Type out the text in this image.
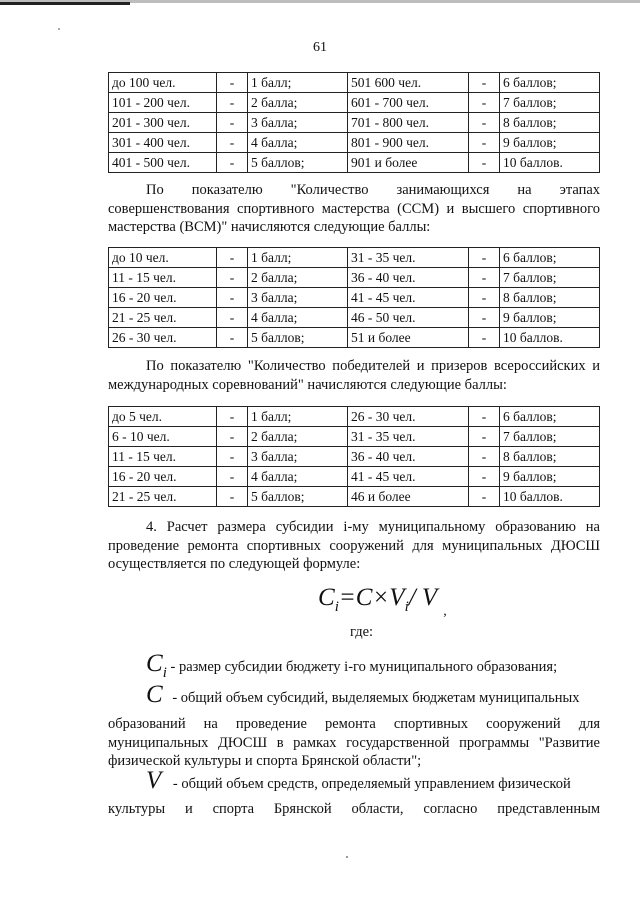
61
до 100 чел.	-	1 балл;	501 600 чел.	-	6 баллов;
101 - 200 чел.	-	2 балла;	601 - 700 чел.	-	7 баллов;
201 - 300 чел.	-	3 балла;	701 - 800 чел.	-	8 баллов;
301 - 400 чел.	-	4 балла;	801 - 900 чел.	-	9 баллов;
401 - 500 чел.	-	5 баллов;	901 и более	-	10 баллов.
По показателю "Количество занимающихся на этапах
совершенствования спортивного мастерства (ССМ) и высшего спортивного
мастерства (ВСМ)" начисляются следующие баллы:
до 10 чел.	-	1 балл;	31 - 35 чел.	-	6 баллов;
11 - 15 чел.	-	2 балла;	36 - 40 чел.	-	7 баллов;
16 - 20 чел.	-	3 балла;	41 - 45 чел.	-	8 баллов;
21 - 25 чел.	-	4 балла;	46 - 50 чел.	-	9 баллов;
26 - 30 чел.	-	5 баллов;	51 и более	-	10 баллов.
По показателю "Количество победителей и призеров всероссийских и
международных соревнований" начисляются следующие баллы:
до 5 чел.	-	1 балл;	26 - 30 чел.	-	6 баллов;
6 - 10 чел.	-	2 балла;	31 - 35 чел.	-	7 баллов;
11 - 15 чел.	-	3 балла;	36 - 40 чел.	-	8 баллов;
16 - 20 чел.	-	4 балла;	41 - 45 чел.	-	9 баллов;
21 - 25 чел.	-	5 баллов;	46 и более	-	10 баллов.
4. Расчет размера субсидии i-му муниципальному образованию на
проведение ремонта спортивных сооружений для муниципальных ДЮСШ
осуществляется по следующей формуле:
$C_i=C\times V_i/$ $V_,$
где:
$C_i$ - размер субсидии бюджету i-го муниципального образования;
C - общий объем субсидий, выделяемых бюджетам муниципальных
образований на проведение ремонта спортивных сооружений для
муниципальных ДЮСШ в рамках государственной программы "Развитие
физической культуры и спорта Брянской области";
V - общий объем средств, определяемый управлением физической
культуры и спорта Брянской области, согласно представленным
